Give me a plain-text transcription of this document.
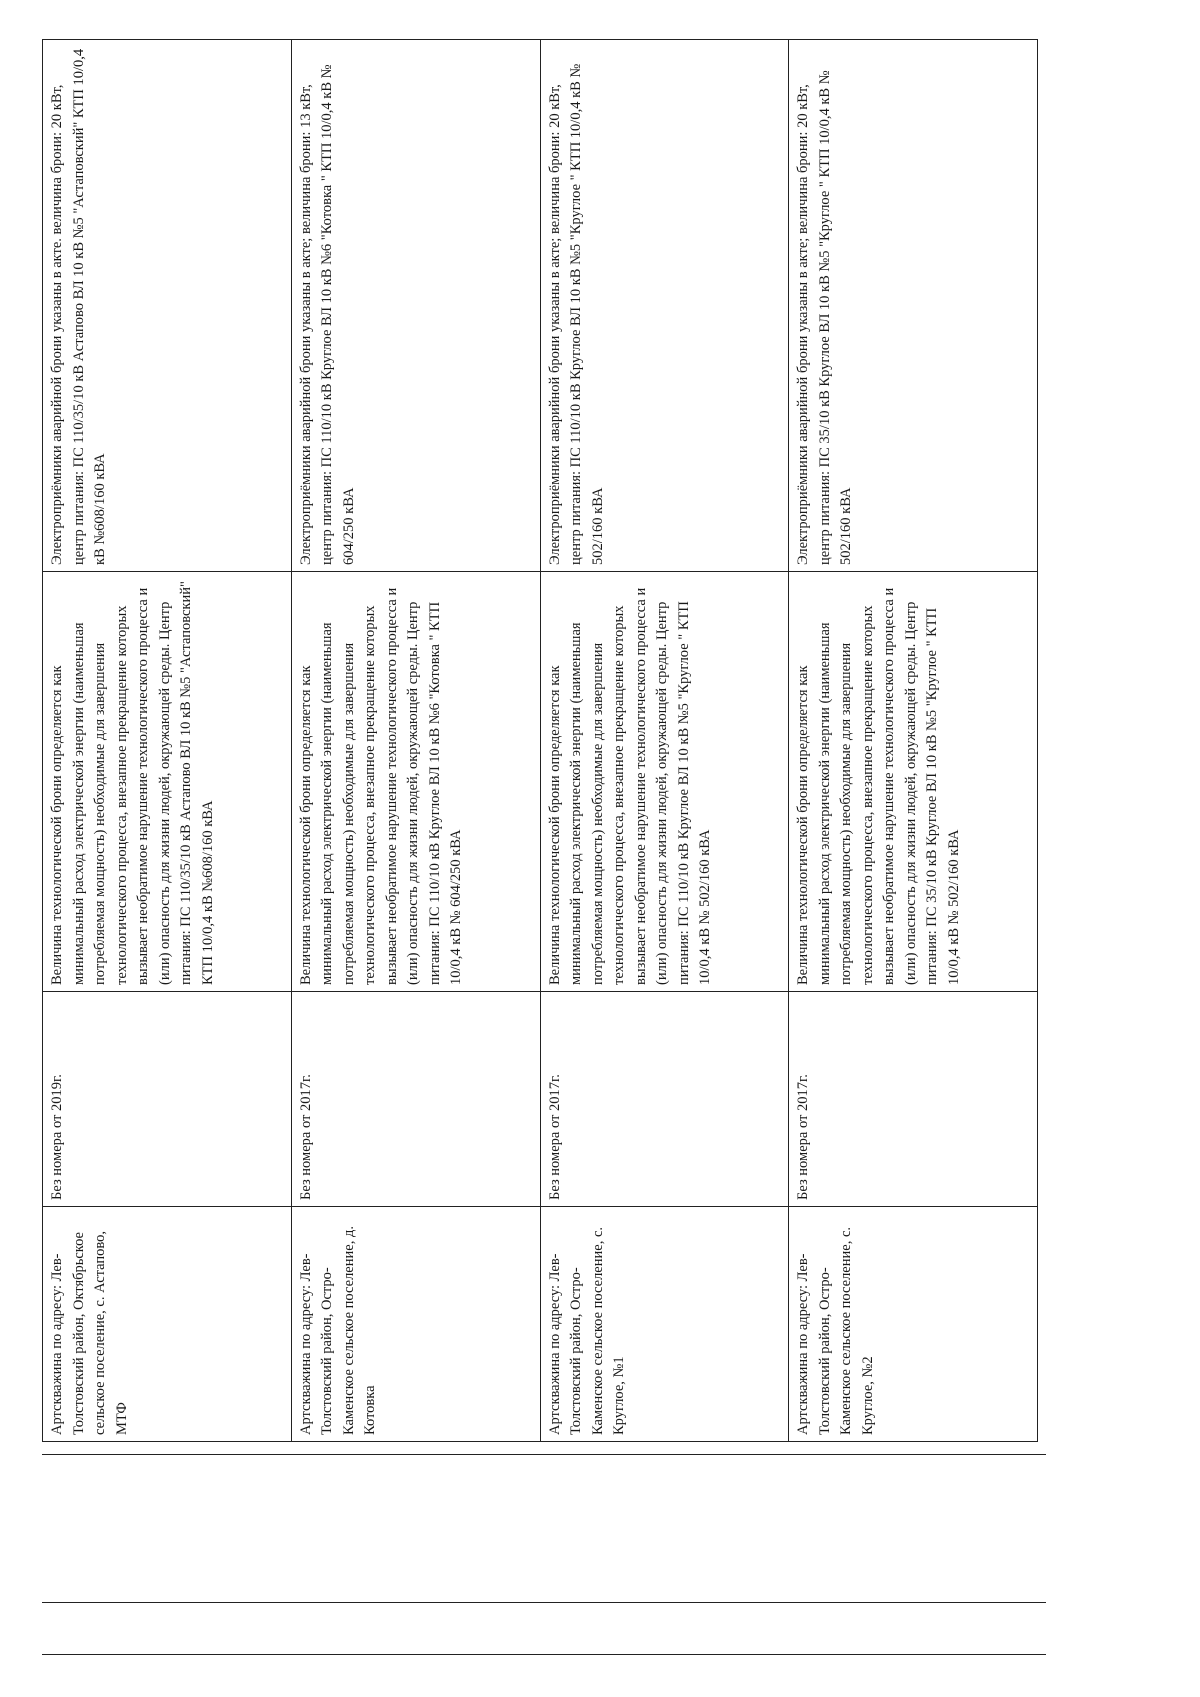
Артскважина по адресу: Лев-Толстовский район, Октябрьское сельское поселение, с. Астапово, МТФ	Без номера от 2019г.	Величина технологической брони определяется как минимальный расход электрической энергии (наименьшая потребляемая мощность) необходимые для завершения технологического процесса, внезапное прекращение которых вызывает необратимое нарушение технологического процесса и (или) опасность для жизни людей, окружающей среды. Центр питания: ПС 110/35/10 кВ Астапово ВЛ 10 кВ №5 "Астаповский" КТП 10/0,4 кВ №608/160 кВА	Электроприёмники аварийной брони указаны в акте. величина брони: 20 кВт, центр питания: ПС 110/35/10 кВ Астапово ВЛ 10 кВ №5 "Астаповский" КТП 10/0,4 кВ №608/160 кВА
Артскважина по адресу: Лев-Толстовский район, Остро-Каменское сельское поселение, д. Котовка	Без номера от 2017г.	Величина технологической брони определяется как минимальный расход электрической энергии (наименьшая потребляемая мощность) необходимые для завершения технологического процесса, внезапное прекращение которых вызывает необратимое нарушение технологического процесса и (или) опасность для жизни людей, окружающей среды. Центр питания: ПС 110/10 кВ Круглое ВЛ 10 кВ №6 "Котовка " КТП 10/0,4 кВ № 604/250 кВА	Электроприёмники аварийной брони указаны в акте; величина брони: 13 кВт, центр питания: ПС 110/10 кВ Круглое ВЛ 10 кВ №6 "Котовка " КТП 10/0,4 кВ № 604/250 кВА
Артскважина по адресу: Лев-Толстовский район, Остро-Каменское сельское поселение, с. Круглое, №1	Без номера от 2017г.	Величина технологической брони определяется как минимальный расход электрической энергии (наименьшая потребляемая мощность) необходимые для завершения технологического процесса, внезапное прекращение которых вызывает необратимое нарушение технологического процесса и (или) опасность для жизни людей, окружающей среды. Центр питания: ПС 110/10 кВ Круглое ВЛ 10 кВ №5 "Круглое " КТП 10/0,4 кВ № 502/160 кВА	Электроприёмники аварийной брони указаны в акте; величина брони: 20 кВт, центр питания: ПС 110/10 кВ Круглое ВЛ 10 кВ №5 "Круглое " КТП 10/0,4 кВ № 502/160 кВА
Артскважина по адресу: Лев-Толстовский район, Остро-Каменское сельское поселение, с. Круглое, №2	Без номера от 2017г.	Величина технологической брони определяется как минимальный расход электрической энергии (наименьшая потребляемая мощность) необходимые для завершения технологического процесса, внезапное прекращение которых вызывает необратимое нарушение технологического процесса и (или) опасность для жизни людей, окружающей среды. Центр питания: ПС 35/10 кВ Круглое ВЛ 10 кВ №5 "Круглое " КТП 10/0,4 кВ № 502/160 кВА	Электроприёмники аварийной брони указаны в акте; величина брони: 20 кВт, центр питания: ПС 35/10 кВ Круглое ВЛ 10 кВ №5 "Круглое " КТП 10/0,4 кВ № 502/160 кВА
